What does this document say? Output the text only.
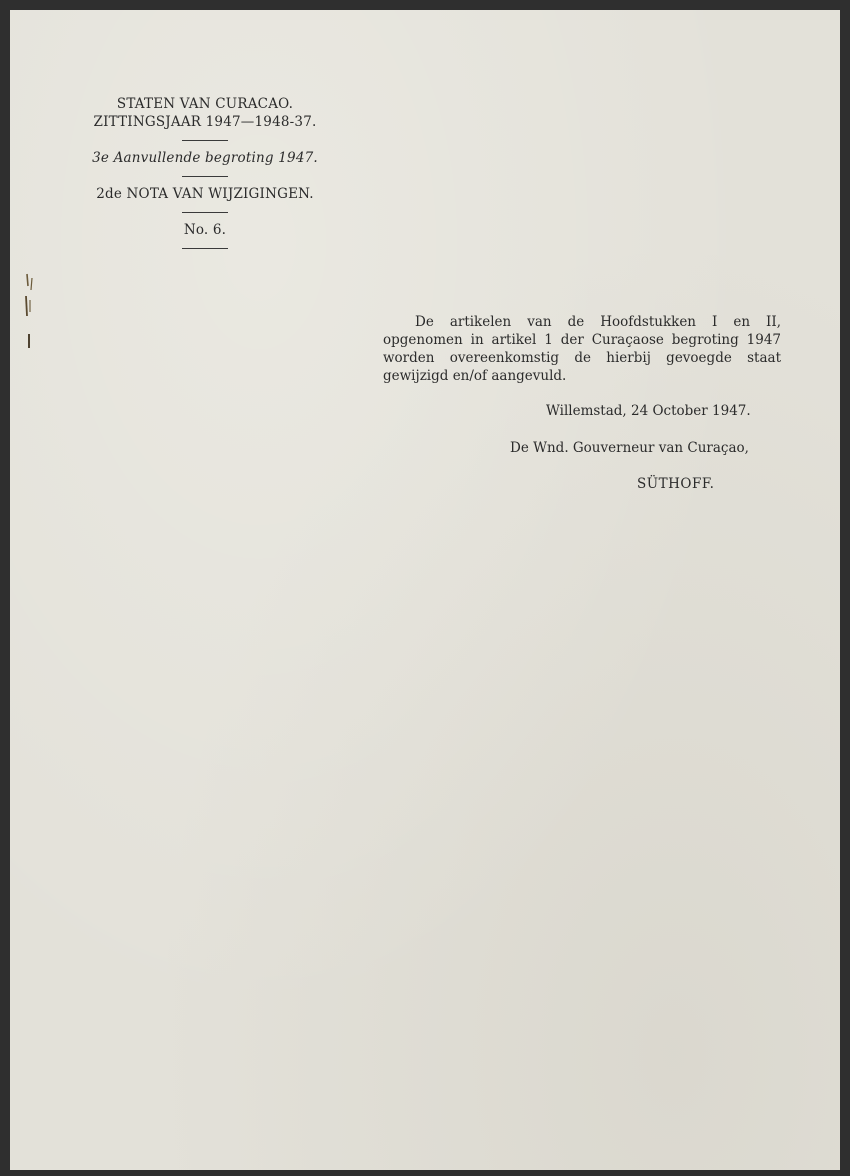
STATEN VAN CURACAO.
ZITTINGSJAAR 1947—1948-37.
3e Aanvullende begroting 1947.
2de NOTA VAN WIJZIGINGEN.
No. 6.

De artikelen van de Hoofdstukken I en II, opgenomen in artikel 1 der Curaçaose begroting 1947 worden overeenkomstig de hierbij gevoegde staat gewijzigd en/of aangevuld.

Willemstad, 24 October 1947.
De Wnd. Gouverneur van Curaçao,
SÜTHOFF.
